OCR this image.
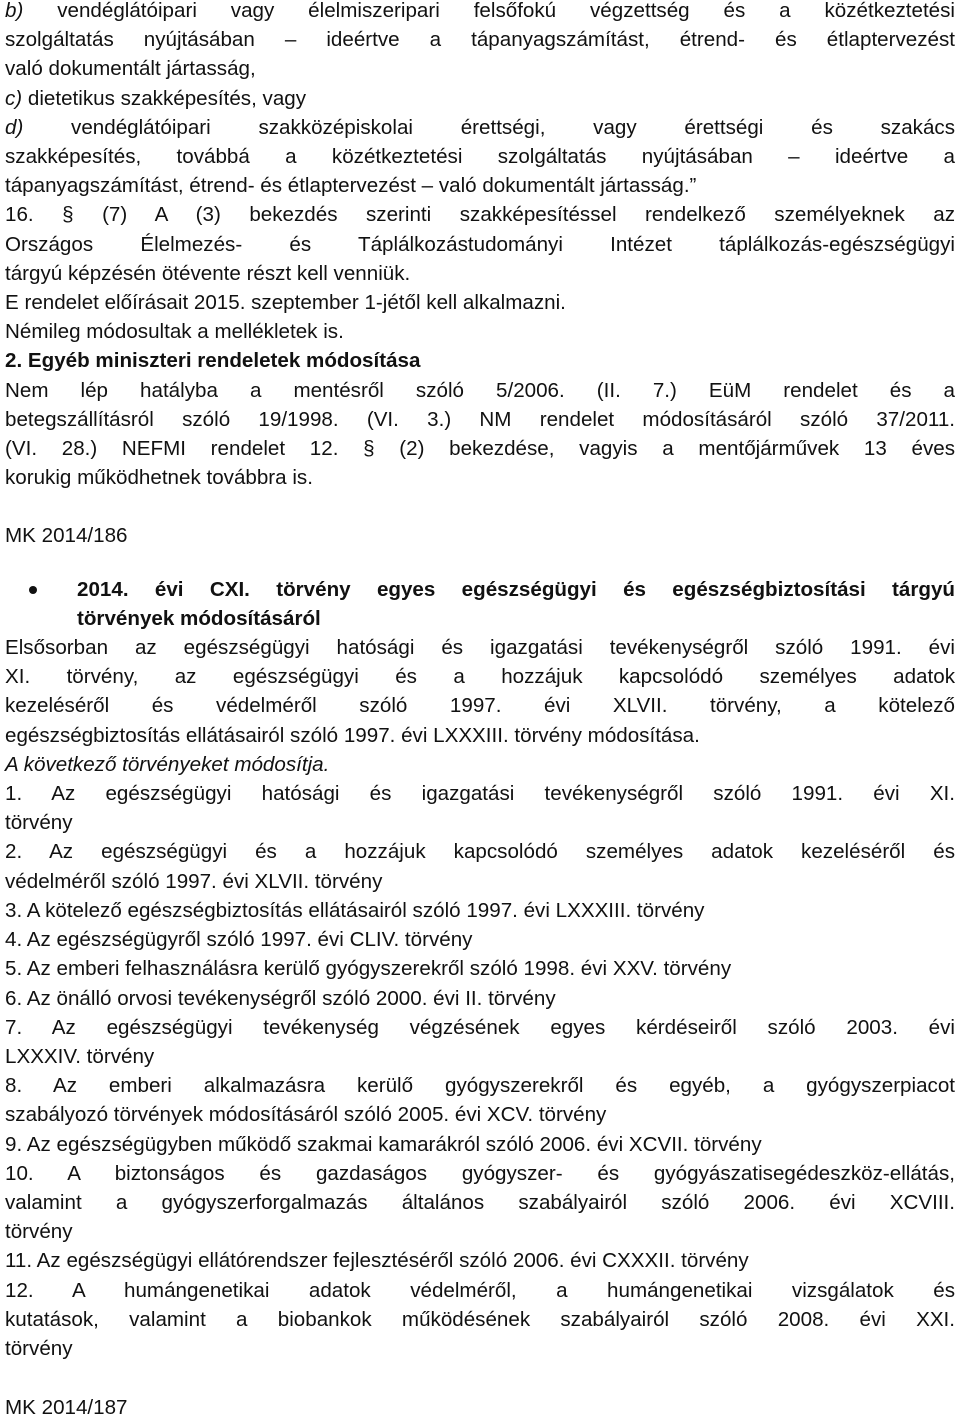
b) vendéglátóipari vagy élelmiszeripari felsőfokú végzettség és a közétkeztetési
szolgáltatás nyújtásában – ideértve a tápanyagszámítást, étrend- és étlaptervezést
való dokumentált jártasság,
c) dietetikus szakképesítés, vagy
d) vendéglátóipari szakközépiskolai érettségi, vagy érettségi és szakács
szakképesítés, továbbá a közétkeztetési szolgáltatás nyújtásában – ideértve a
tápanyagszámítást, étrend- és étlaptervezést – való dokumentált jártasság.”
16. § (7) A (3) bekezdés szerinti szakképesítéssel rendelkező személyeknek az
Országos Élelmezés- és Táplálkozástudományi Intézet táplálkozás-egészségügyi
tárgyú képzésén ötévente részt kell venniük.
E rendelet előírásait 2015. szeptember 1-jétől kell alkalmazni.
Némileg módosultak a mellékletek is.
2. Egyéb miniszteri rendeletek módosítása
Nem lép hatályba a mentésről szóló 5/2006. (II. 7.) EüM rendelet és a
betegszállításról szóló 19/1998. (VI. 3.) NM rendelet módosításáról szóló 37/2011.
(VI. 28.) NEFMI rendelet 12. § (2) bekezdése, vagyis a mentőjárművek 13 éves
korukig működhetnek továbbra is.
MK 2014/186
2014. évi CXI. törvény egyes egészségügyi és egészségbiztosítási tárgyú
törvények módosításáról
Elsősorban az egészségügyi hatósági és igazgatási tevékenységről szóló 1991. évi
XI. törvény, az egészségügyi és a hozzájuk kapcsolódó személyes adatok
kezeléséről és védelméről szóló 1997. évi XLVII. törvény, a kötelező
egészségbiztosítás ellátásairól szóló 1997. évi LXXXIII. törvény módosítása.
A következő törvényeket módosítja.
1. Az egészségügyi hatósági és igazgatási tevékenységről szóló 1991. évi XI.
törvény
2. Az egészségügyi és a hozzájuk kapcsolódó személyes adatok kezeléséről és
védelméről szóló 1997. évi XLVII. törvény
3. A kötelező egészségbiztosítás ellátásairól szóló 1997. évi LXXXIII. törvény
4. Az egészségügyről szóló 1997. évi CLIV. törvény
5. Az emberi felhasználásra kerülő gyógyszerekről szóló 1998. évi XXV. törvény
6. Az önálló orvosi tevékenységről szóló 2000. évi II. törvény
7. Az egészségügyi tevékenység végzésének egyes kérdéseiről szóló 2003. évi
LXXXIV. törvény
8. Az emberi alkalmazásra kerülő gyógyszerekről és egyéb, a gyógyszerpiacot
szabályozó törvények módosításáról szóló 2005. évi XCV. törvény
9. Az egészségügyben működő szakmai kamarákról szóló 2006. évi XCVII. törvény
10. A biztonságos és gazdaságos gyógyszer- és gyógyászatisegédeszköz-ellátás,
valamint a gyógyszerforgalmazás általános szabályairól szóló 2006. évi XCVIII.
törvény
11. Az egészségügyi ellátórendszer fejlesztéséről szóló 2006. évi CXXXII. törvény
12. A humángenetikai adatok védelméről, a humángenetikai vizsgálatok és
kutatások, valamint a biobankok működésének szabályairól szóló 2008. évi XXI.
törvény
MK 2014/187
